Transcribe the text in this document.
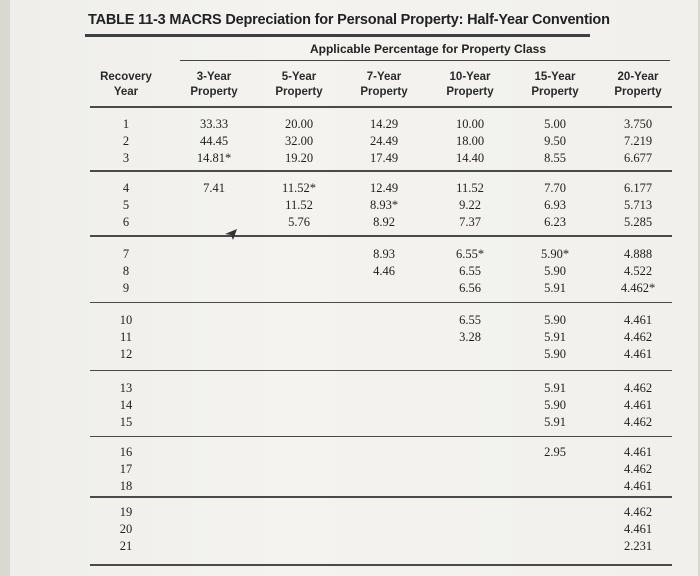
TABLE 11-3 MACRS Depreciation for Personal Property: Half-Year Convention
Applicable Percentage for Property Class
Recovery
Year
3-Year
Property
5-Year
Property
7-Year
Property
10-Year
Property
15-Year
Property
20-Year
Property
1
2
3
33.33
44.45
14.81*
20.00
32.00
19.20
14.29
24.49
17.49
10.00
18.00
14.40
5.00
9.50
8.55
3.750
7.219
6.677
4
5
6
7.41	11.52*
11.52
5.76
12.49
8.93*
8.92
11.52
9.22
7.37
7.70
6.93
6.23
6.177
5.713
5.285
7
8
9
8.93
4.46
6.55*
6.55
6.56
5.90*
5.90
5.91
4.888
4.522
4.462*
10
11
12
6.55
3.28
5.90
5.91
5.90
4.461
4.462
4.461
13
14
15
5.91
5.90
5.91
4.462
4.461
4.462
16
17
18
2.95	4.461
4.462
4.461
19
20
21
4.462
4.461
2.231
